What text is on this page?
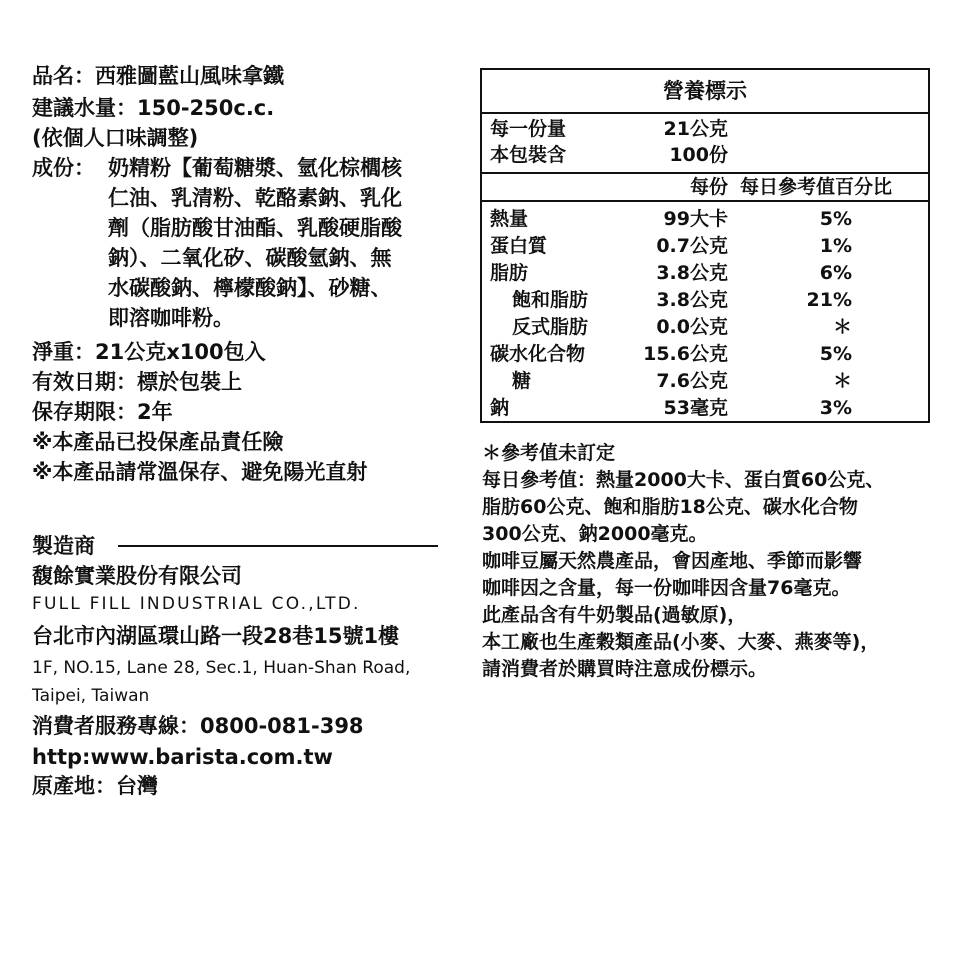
品名：西雅圖藍山風味拿鐵
建議水量：150-250c.c.
(依個人口味調整)
成份： 奶精粉【葡萄糖漿、氫化棕櫚核
仁油、乳清粉、乾酪素鈉、乳化
劑（脂肪酸甘油酯、乳酸硬脂酸
鈉）、二氧化矽、碳酸氫鈉、無
水碳酸鈉、檸檬酸鈉】、砂糖、
即溶咖啡粉。
淨重：21公克x100包入
有效日期：標於包裝上
保存期限：2年
※本產品已投保產品責任險
※本產品請常溫保存、避免陽光直射
製造商
馥餘實業股份有限公司
FULL FILL INDUSTRIAL CO.,LTD.
台北市內湖區環山路一段28巷15號1樓
1F, NO.15, Lane 28, Sec.1, Huan-Shan Road,
Taipei, Taiwan
消費者服務專線：0800-081-398
http:www.barista.com.tw
原產地：台灣
營養標示
每一份量	21公克
本包裝含	100份
每份 每日參考值百分比
熱量	99大卡	5%
蛋白質	0.7公克	1%
脂肪	3.8公克	6%
飽和脂肪	3.8公克	21%
反式脂肪	0.0公克	＊
碳水化合物	15.6公克	5%
糖	7.6公克	＊
鈉	53毫克	3%
＊參考值未訂定
每日參考值：熱量2000大卡、蛋白質60公克、
脂肪60公克、飽和脂肪18公克、碳水化合物
300公克、鈉2000毫克。
咖啡豆屬天然農產品，會因產地、季節而影響
咖啡因之含量，每一份咖啡因含量76毫克。
此產品含有牛奶製品(過敏原)，
本工廠也生產穀類產品(小麥、大麥、燕麥等)，
請消費者於購買時注意成份標示。
